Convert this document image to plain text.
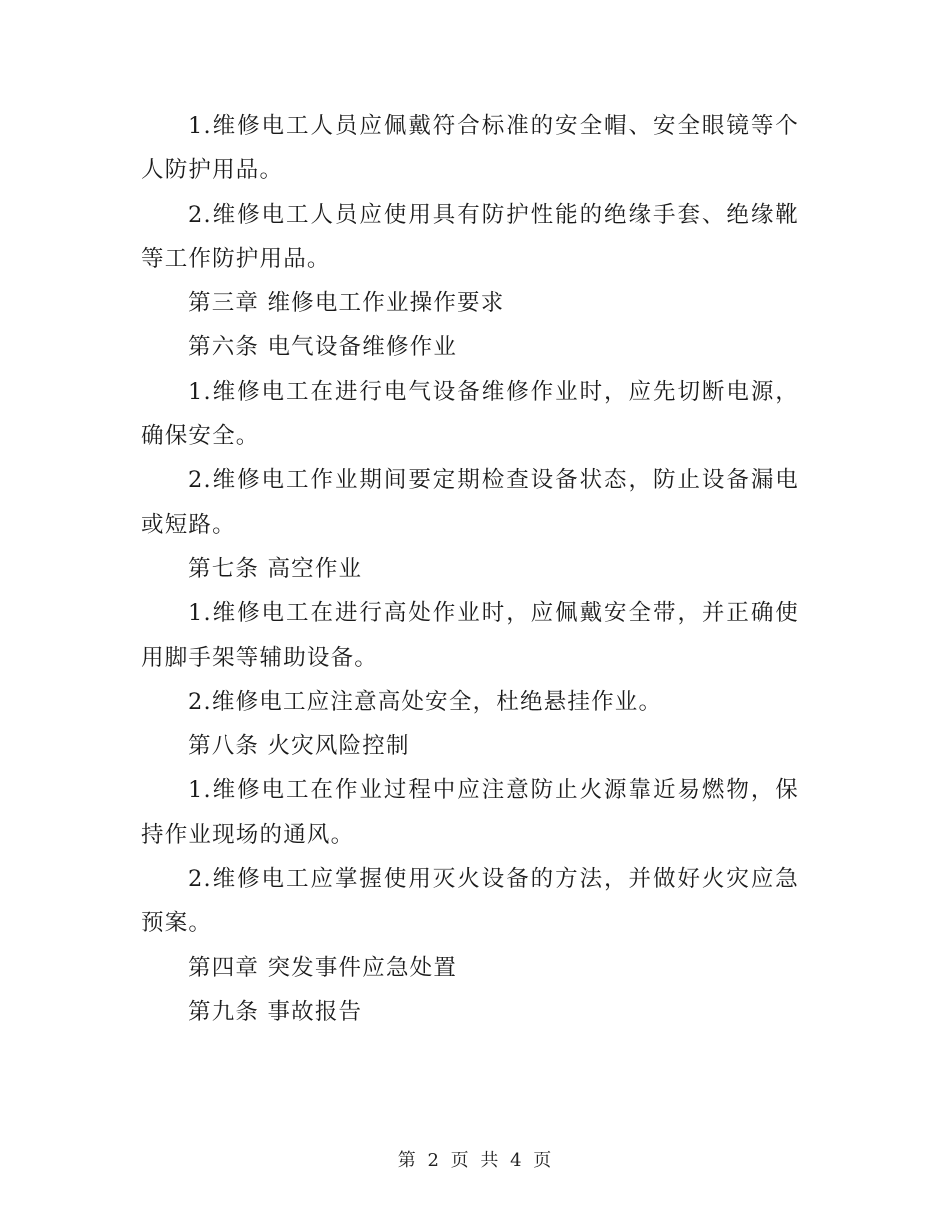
1.维修电工人员应佩戴符合标准的安全帽、安全眼镜等个人防护用品。

2.维修电工人员应使用具有防护性能的绝缘手套、绝缘靴等工作防护用品。

第三章 维修电工作业操作要求

第六条 电气设备维修作业

1.维修电工在进行电气设备维修作业时，应先切断电源，确保安全。

2.维修电工作业期间要定期检查设备状态，防止设备漏电或短路。

第七条 高空作业

1.维修电工在进行高处作业时，应佩戴安全带，并正确使用脚手架等辅助设备。

2.维修电工应注意高处安全，杜绝悬挂作业。

第八条 火灾风险控制

1.维修电工在作业过程中应注意防止火源靠近易燃物，保持作业现场的通风。

2.维修电工应掌握使用灭火设备的方法，并做好火灾应急预案。

第四章 突发事件应急处置

第九条 事故报告

第 2 页 共 4 页
